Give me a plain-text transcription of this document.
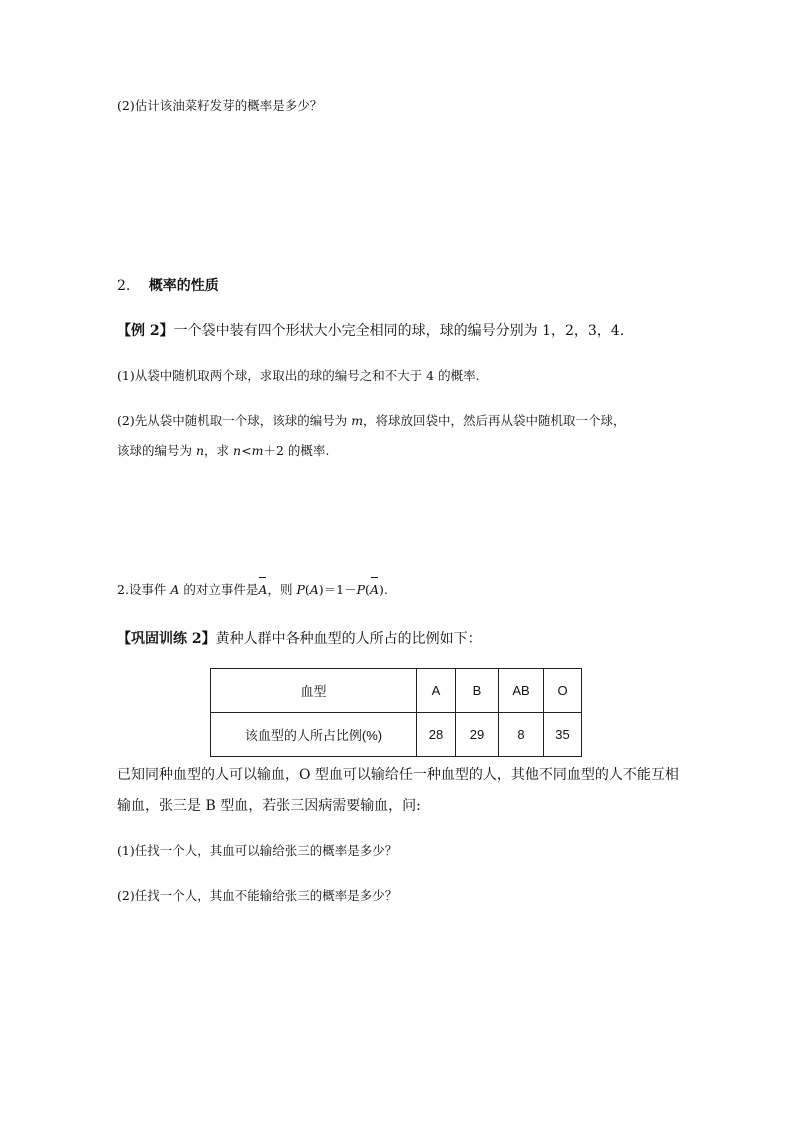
(2)估计该油菜籽发芽的概率是多少？
2. 概率的性质
【例 2】一个袋中装有四个形状大小完全相同的球，球的编号分别为 1，2，3，4.
(1)从袋中随机取两个球，求取出的球的编号之和不大于 4 的概率.
(2)先从袋中随机取一个球，该球的编号为 m，将球放回袋中，然后再从袋中随机取一个球，
该球的编号为 n，求 n<m＋2 的概率.
2.设事件 A 的对立事件是A，则 P(A)＝1－P(A).
【巩固训练 2】黄种人群中各种血型的人所占的比例如下：
血型	A	B	AB	O
该血型的人所占比例(%)	28	29	8	35
已知同种血型的人可以输血，O 型血可以输给任一种血型的人，其他不同血型的人不能互相
输血，张三是 B 型血，若张三因病需要输血，问:
(1)任找一个人，其血可以输给张三的概率是多少？
(2)任找一个人，其血不能输给张三的概率是多少？
